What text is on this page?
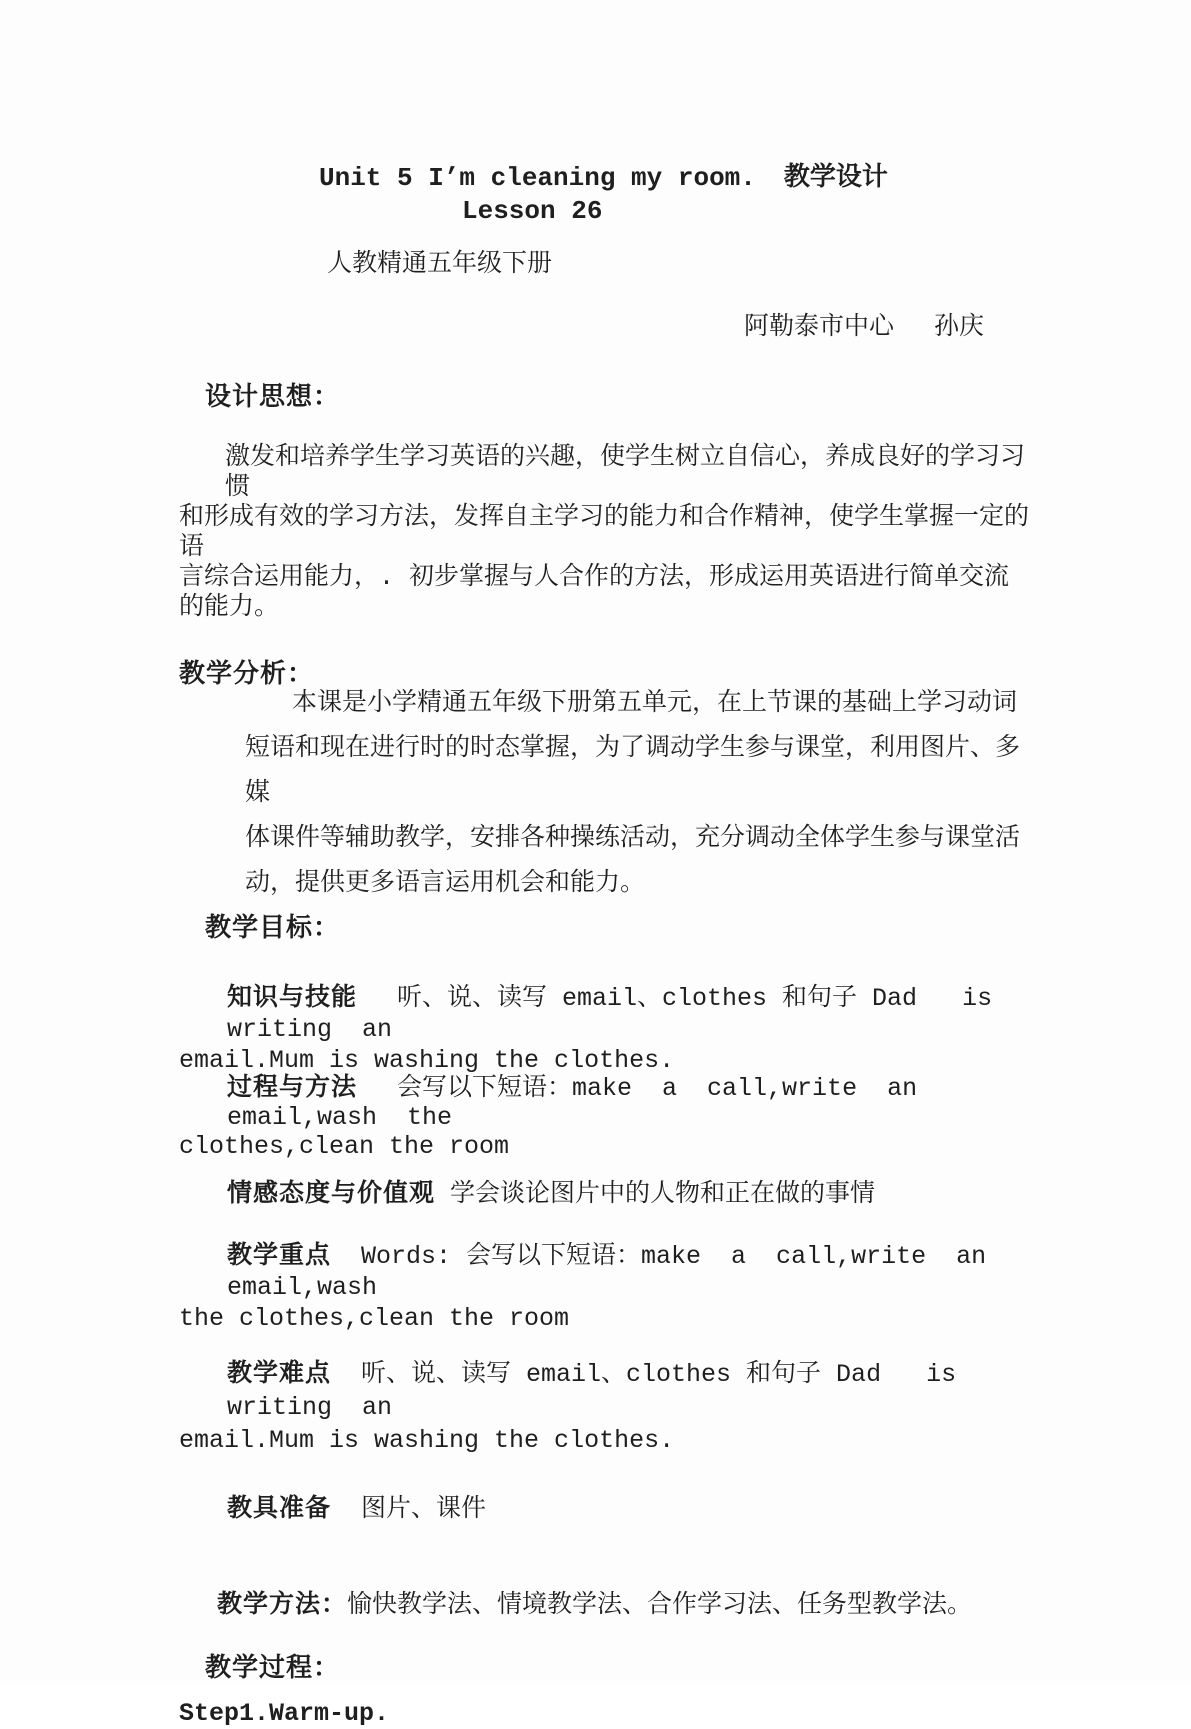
Unit 5 I’m cleaning my room. 教学设计
Lesson 26
人教精通五年级下册
阿勒泰市中心　 孙庆
设计思想：
激发和培养学生学习英语的兴趣，使学生树立自信心，养成良好的学习习惯
和形成有效的学习方法，发挥自主学习的能力和合作精神，使学生掌握一定的语
言综合运用能力，. 初步掌握与人合作的方法，形成运用英语进行简单交流的能力。
教学分析：
本课是小学精通五年级下册第五单元，在上节课的基础上学习动词
短语和现在进行时的时态掌握，为了调动学生参与课堂，利用图片、多媒
体课件等辅助教学，安排各种操练活动，充分调动全体学生参与课堂活
动，提供更多语言运用机会和能力。
教学目标：
知识与技能　 听、说、读写 email、clothes 和句子 Dad   is  writing  an
email.Mum is washing the clothes.
过程与方法　 会写以下短语：make  a  call,write  an  email,wash  the
clothes,clean the room
情感态度与价值观 学会谈论图片中的人物和正在做的事情
教学重点  Words: 会写以下短语：make  a  call,write  an  email,wash
the clothes,clean the room
教学难点  听、说、读写 email、clothes 和句子 Dad   is  writing  an
email.Mum is washing the clothes.
教具准备  图片、课件
教学方法：愉快教学法、情境教学法、合作学习法、任务型教学法。
教学过程：
Step1.Warm-up.
